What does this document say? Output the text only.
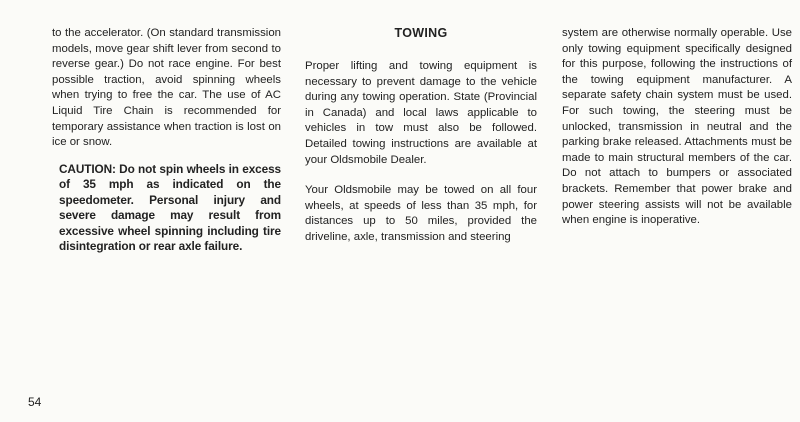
to the accelerator. (On standard transmission models, move gear shift lever from second to reverse gear.) Do not race engine. For best possible traction, avoid spinning wheels when trying to free the car. The use of AC Liquid Tire Chain is recommended for temporary assistance when traction is lost on ice or snow.

CAUTION: Do not spin wheels in excess of 35 mph as indicated on the speedometer. Personal injury and severe damage may result from excessive wheel spinning including tire disintegration or rear axle failure.

TOWING

Proper lifting and towing equipment is necessary to prevent damage to the vehicle during any towing operation. State (Provincial in Canada) and local laws applicable to vehicles in tow must also be followed. Detailed towing instructions are available at your Oldsmobile Dealer.

Your Oldsmobile may be towed on all four wheels, at speeds of less than 35 mph, for distances up to 50 miles, provided the driveline, axle, transmission and steering

system are otherwise normally operable. Use only towing equipment specifically designed for this purpose, following the instructions of the towing equipment manufacturer. A separate safety chain system must be used. For such towing, the steering must be unlocked, transmission in neutral and the parking brake released. Attachments must be made to main structural members of the car. Do not attach to bumpers or associated brackets. Remember that power brake and power steering assists will not be available when engine is inoperative.

54
